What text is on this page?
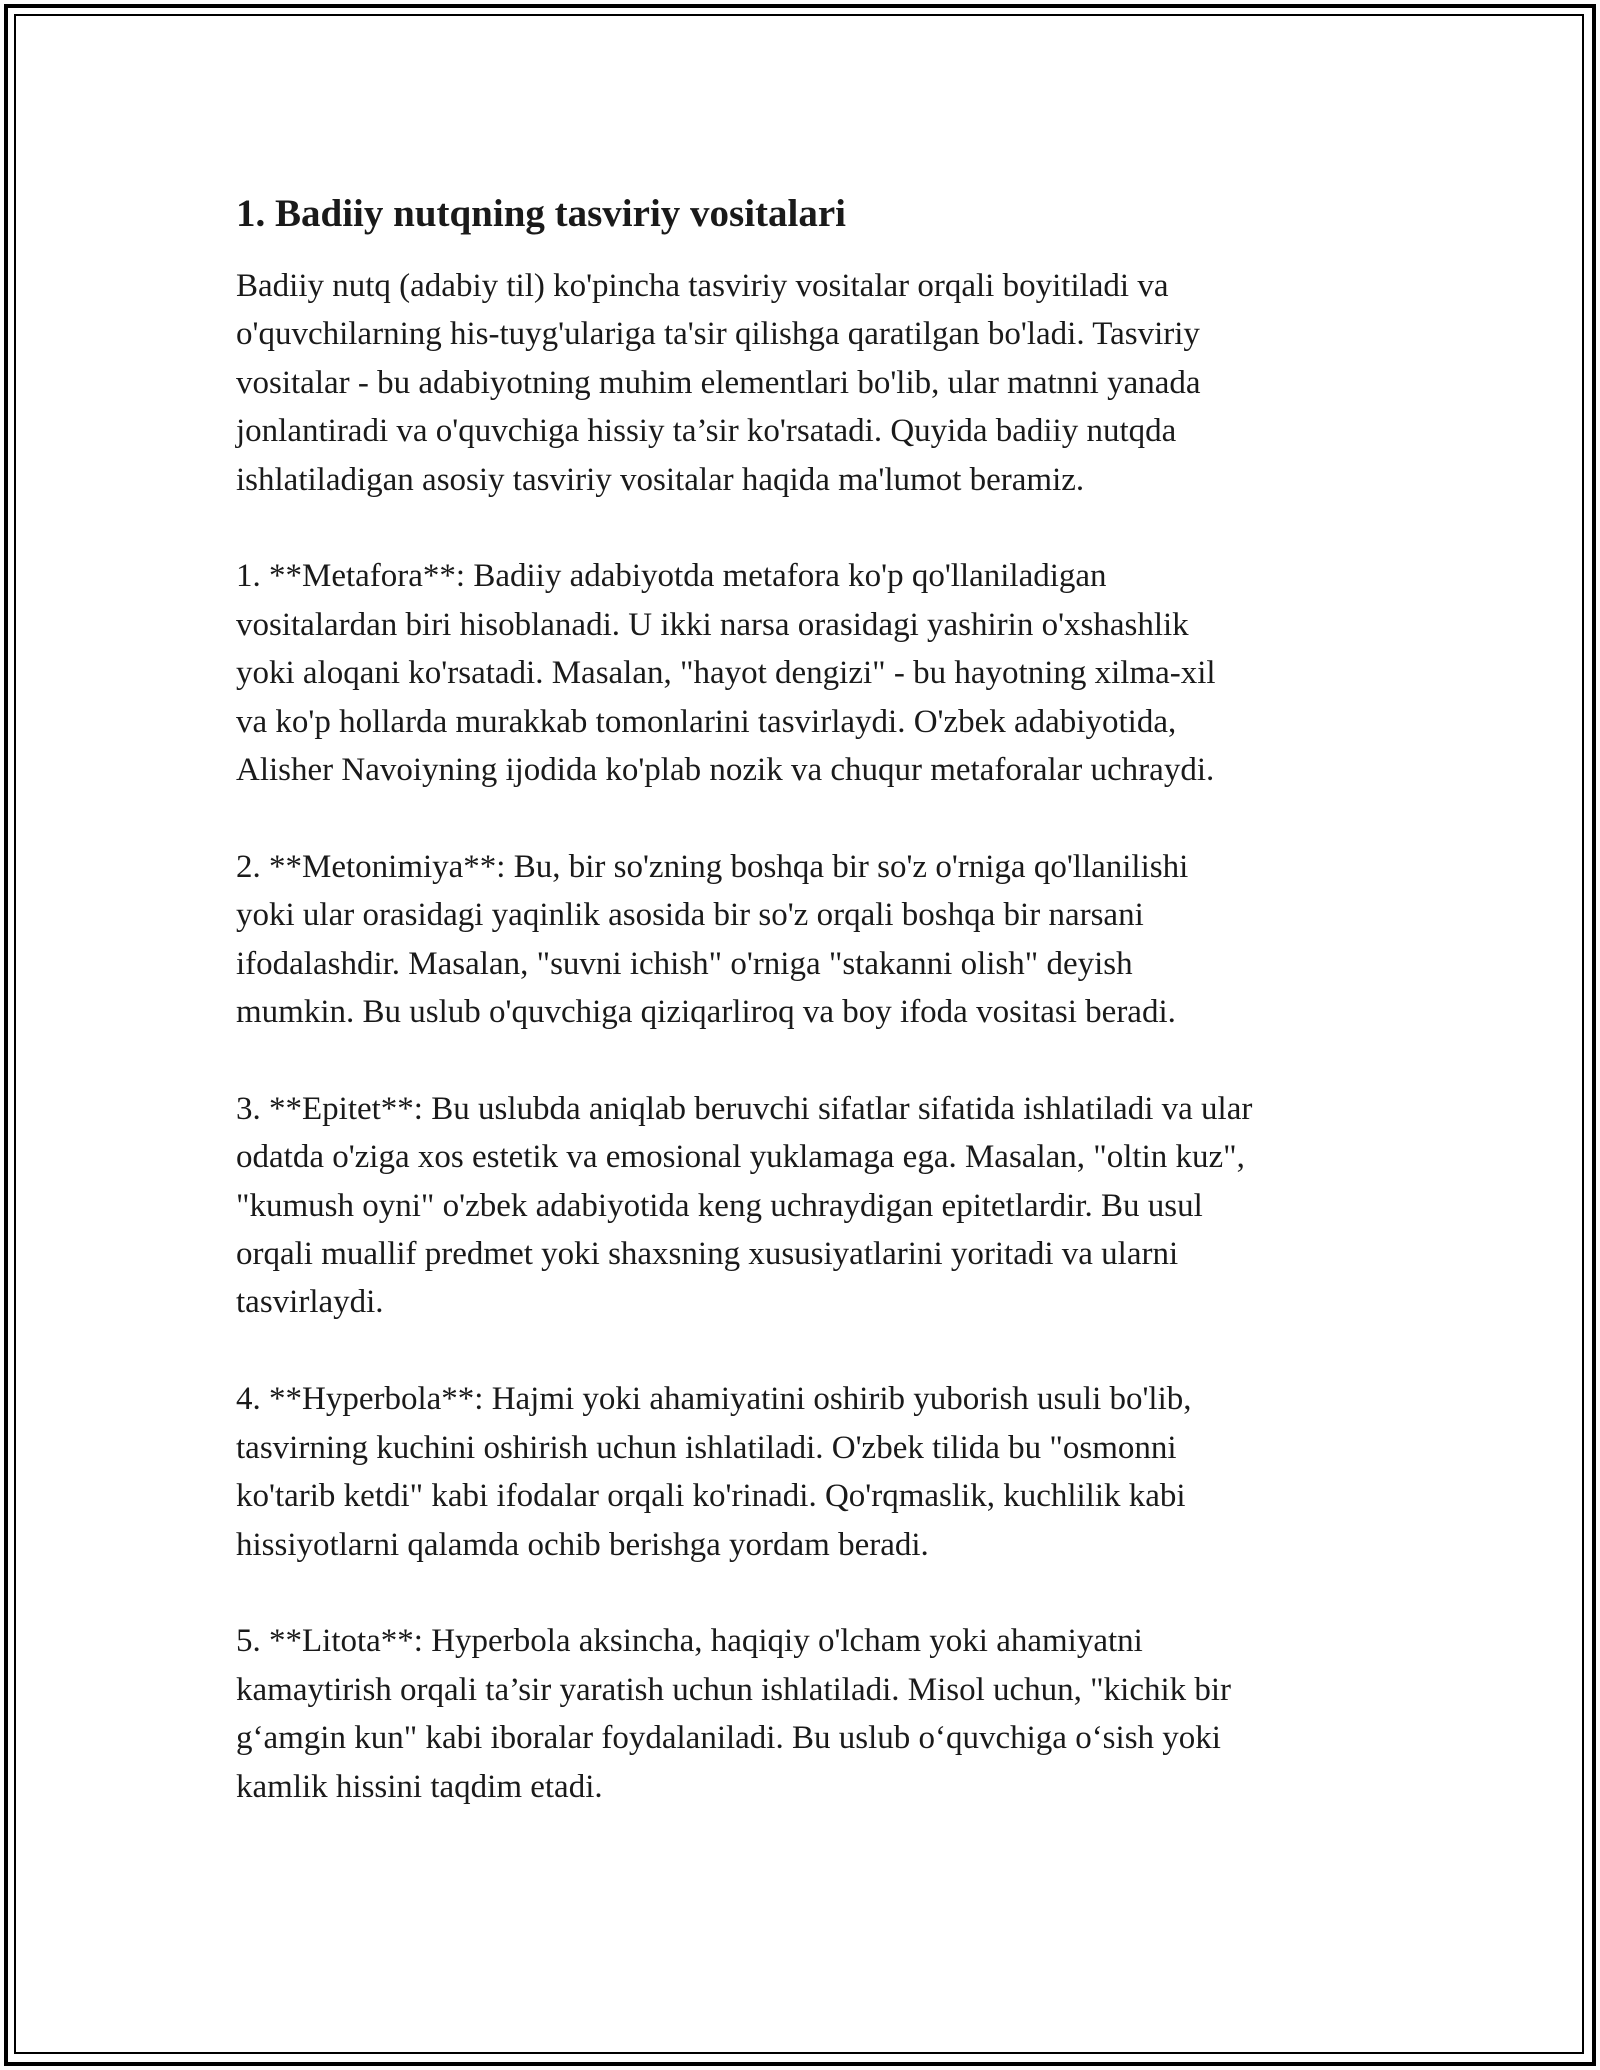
1. Badiiy nutqning tasviriy vositalari

Badiiy nutq (adabiy til) ko'pincha tasviriy vositalar orqali boyitiladi va
o'quvchilarning his-tuyg'ulariga ta'sir qilishga qaratilgan bo'ladi. Tasviriy
vositalar - bu adabiyotning muhim elementlari bo'lib, ular matnni yanada
jonlantiradi va o'quvchiga hissiy ta’sir ko'rsatadi. Quyida badiiy nutqda
ishlatiladigan asosiy tasviriy vositalar haqida ma'lumot beramiz.

1. **Metafora**: Badiiy adabiyotda metafora ko'p qo'llaniladigan
vositalardan biri hisoblanadi. U ikki narsa orasidagi yashirin o'xshashlik
yoki aloqani ko'rsatadi. Masalan, "hayot dengizi" - bu hayotning xilma-xil
va ko'p hollarda murakkab tomonlarini tasvirlaydi. O'zbek adabiyotida,
Alisher Navoiyning ijodida ko'plab nozik va chuqur metaforalar uchraydi.

2. **Metonimiya**: Bu, bir so'zning boshqa bir so'z o'rniga qo'llanilishi
yoki ular orasidagi yaqinlik asosida bir so'z orqali boshqa bir narsani
ifodalashdir. Masalan, "suvni ichish" o'rniga "stakanni olish" deyish
mumkin. Bu uslub o'quvchiga qiziqarliroq va boy ifoda vositasi beradi.

3. **Epitet**: Bu uslubda aniqlab beruvchi sifatlar sifatida ishlatiladi va ular
odatda o'ziga xos estetik va emosional yuklamaga ega. Masalan, "oltin kuz",
"kumush oyni" o'zbek adabiyotida keng uchraydigan epitetlardir. Bu usul
orqali muallif predmet yoki shaxsning xususiyatlarini yoritadi va ularni
tasvirlaydi.

4. **Hyperbola**: Hajmi yoki ahamiyatini oshirib yuborish usuli bo'lib,
tasvirning kuchini oshirish uchun ishlatiladi. O'zbek tilida bu "osmonni
ko'tarib ketdi" kabi ifodalar orqali ko'rinadi. Qo'rqmaslik, kuchlilik kabi
hissiyotlarni qalamda ochib berishga yordam beradi.

5. **Litota**: Hyperbola aksincha, haqiqiy o'lcham yoki ahamiyatni
kamaytirish orqali ta’sir yaratish uchun ishlatiladi. Misol uchun, "kichik bir
g‘amgin kun" kabi iboralar foydalaniladi. Bu uslub o‘quvchiga o‘sish yoki
kamlik hissini taqdim etadi.
